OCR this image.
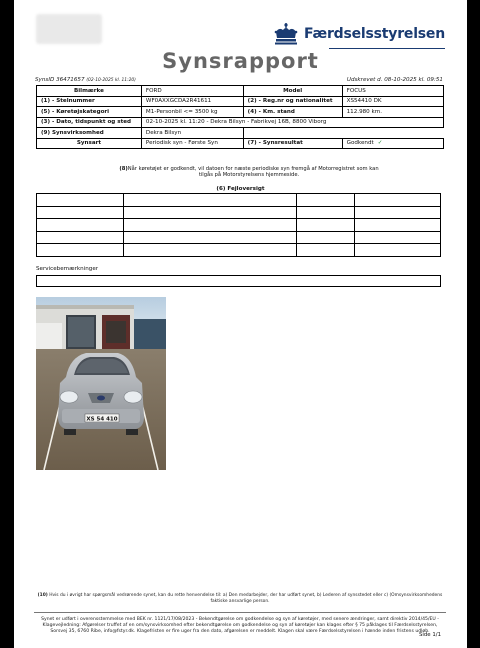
Færdselsstyrelsen
Synsrapport
SynsID 36471657 (02-10-2025 kl. 11:20)	Udskrevet d. 08-10-2025 kl. 09:51
Bilmærke	FORD	Model	FOCUS
(1) - Stelnummer	WF0AXXGCDA2R41611	(2) - Reg.nr og nationalitet	XS54410 DK
(5) - Køretøjskategori	M1-Personbil <= 3500 kg	(4) - Km. stand	112.980 km.
(3) - Dato, tidspunkt og sted	02-10-2025 kl. 11:20 - Dekra Bilsyn - Fabrikvej 16B, 8800 Viborg		
(9) Synsvirksomhed	Dekra Bilsyn		
Synsart	Periodisk syn - Første Syn	(7) - Synsresultat	Godkendt ✓
(8)Når køretøjet er godkendt, vil datoen for næste periodiske syn fremgå af Motorregistret som kan tilgås på Motorstyrelsens hjemmeside.
(6) Fejloversigt

Servicebemærkninger
XS 54 410
(10) Hvis du i øvrigt har spørgsmål vedrørende synet, kan du rette henvendelse til: a) Den medarbejder, der har udført synet, b) Lederen af synsstedet eller c) (Omsynsvirksomhedens faktiske ansvarlige person.
Synet er udført i overensstemmelse med BEK nr. 1121/17/08/2023 - Bekendtgørelse om godkendelse og syn af køretøjer, med senere ændringer, samt direktiv 2014/45/EU - Klagevejledning: Afgørelser truffet af en om/synsvirksomhed efter bekendtgørelse om godkendelse og syn af køretøjer kan klages efter § 75 påklages til Færdselsstyrelsen, Sorsvej 35, 6760 Ribe, info@fstyr.dk. Klagefristen er fire uger fra den dato, afgørelsen er meddelt. Klagen skal være Færdselsstyrelsen i hænde inden fristens udløb.
Side 1/1
